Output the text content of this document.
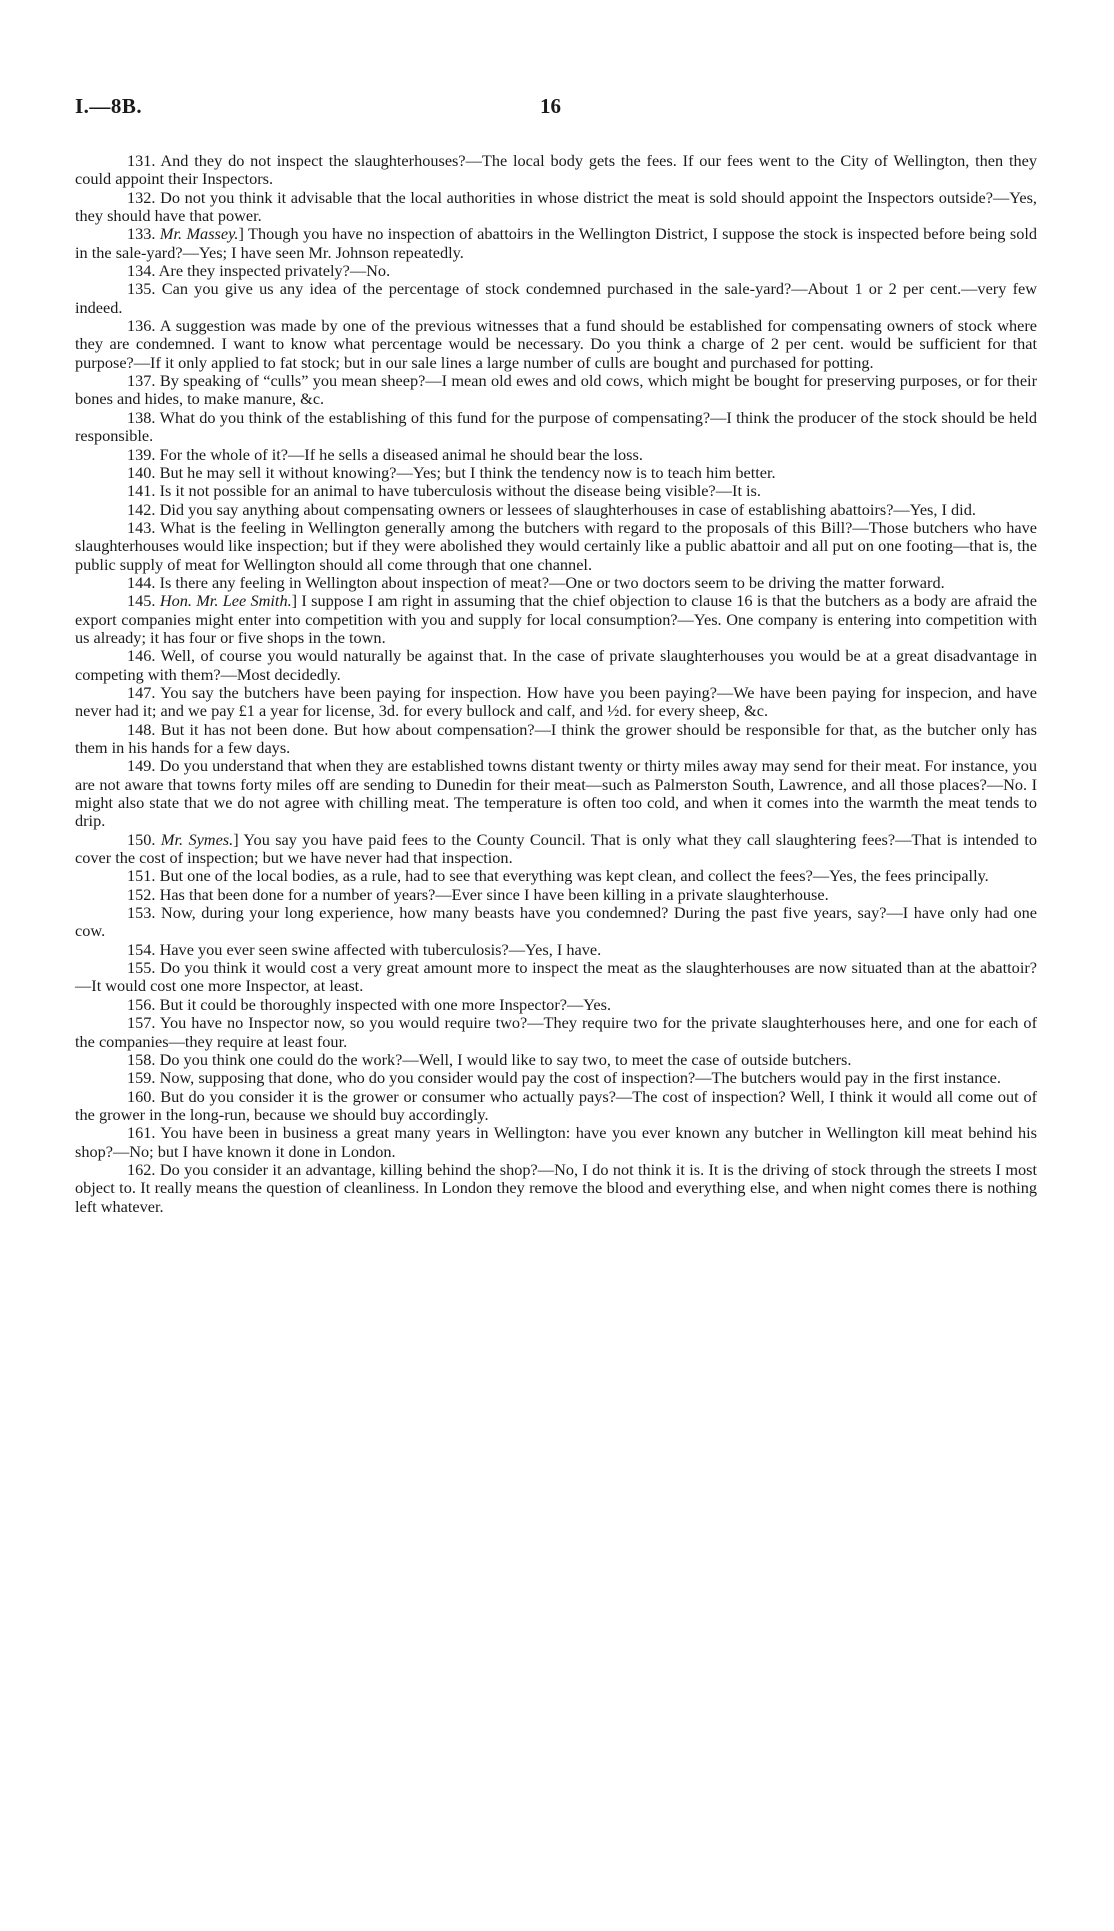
I.—8B.	16

131. And they do not inspect the slaughterhouses?—The local body gets the fees. If our fees went to the City of Wellington, then they could appoint their Inspectors.

132. Do not you think it advisable that the local authorities in whose district the meat is sold should appoint the Inspectors outside?—Yes, they should have that power.

133. Mr. Massey.] Though you have no inspection of abattoirs in the Wellington District, I suppose the stock is inspected before being sold in the sale-yard?—Yes; I have seen Mr. Johnson repeatedly.

134. Are they inspected privately?—No.

135. Can you give us any idea of the percentage of stock condemned purchased in the sale-yard?—About 1 or 2 per cent.—very few indeed.

136. A suggestion was made by one of the previous witnesses that a fund should be established for compensating owners of stock where they are condemned. I want to know what percentage would be necessary. Do you think a charge of 2 per cent. would be sufficient for that purpose?—If it only applied to fat stock; but in our sale lines a large number of culls are bought and purchased for potting.

137. By speaking of “culls” you mean sheep?—I mean old ewes and old cows, which might be bought for preserving purposes, or for their bones and hides, to make manure, &c.

138. What do you think of the establishing of this fund for the purpose of compensating?—I think the producer of the stock should be held responsible.

139. For the whole of it?—If he sells a diseased animal he should bear the loss.

140. But he may sell it without knowing?—Yes; but I think the tendency now is to teach him better.

141. Is it not possible for an animal to have tuberculosis without the disease being visible?—It is.

142. Did you say anything about compensating owners or lessees of slaughterhouses in case of establishing abattoirs?—Yes, I did.

143. What is the feeling in Wellington generally among the butchers with regard to the proposals of this Bill?—Those butchers who have slaughterhouses would like inspection; but if they were abolished they would certainly like a public abattoir and all put on one footing—that is, the public supply of meat for Wellington should all come through that one channel.

144. Is there any feeling in Wellington about inspection of meat?—One or two doctors seem to be driving the matter forward.

145. Hon. Mr. Lee Smith.] I suppose I am right in assuming that the chief objection to clause 16 is that the butchers as a body are afraid the export companies might enter into competition with you and supply for local consumption?—Yes. One company is entering into competition with us already; it has four or five shops in the town.

146. Well, of course you would naturally be against that. In the case of private slaughterhouses you would be at a great disadvantage in competing with them?—Most decidedly.

147. You say the butchers have been paying for inspection. How have you been paying?—We have been paying for inspecion, and have never had it; and we pay £1 a year for license, 3d. for every bullock and calf, and ½d. for every sheep, &c.

148. But it has not been done. But how about compensation?—I think the grower should be responsible for that, as the butcher only has them in his hands for a few days.

149. Do you understand that when they are established towns distant twenty or thirty miles away may send for their meat. For instance, you are not aware that towns forty miles off are sending to Dunedin for their meat—such as Palmerston South, Lawrence, and all those places?—No. I might also state that we do not agree with chilling meat. The temperature is often too cold, and when it comes into the warmth the meat tends to drip.

150. Mr. Symes.] You say you have paid fees to the County Council. That is only what they call slaughtering fees?—That is intended to cover the cost of inspection; but we have never had that inspection.

151. But one of the local bodies, as a rule, had to see that everything was kept clean, and collect the fees?—Yes, the fees principally.

152. Has that been done for a number of years?—Ever since I have been killing in a private slaughterhouse.

153. Now, during your long experience, how many beasts have you condemned? During the past five years, say?—I have only had one cow.

154. Have you ever seen swine affected with tuberculosis?—Yes, I have.

155. Do you think it would cost a very great amount more to inspect the meat as the slaughterhouses are now situated than at the abattoir?—It would cost one more Inspector, at least.

156. But it could be thoroughly inspected with one more Inspector?—Yes.

157. You have no Inspector now, so you would require two?—They require two for the private slaughterhouses here, and one for each of the companies—they require at least four.

158. Do you think one could do the work?—Well, I would like to say two, to meet the case of outside butchers.

159. Now, supposing that done, who do you consider would pay the cost of inspection?—The butchers would pay in the first instance.

160. But do you consider it is the grower or consumer who actually pays?—The cost of inspection? Well, I think it would all come out of the grower in the long-run, because we should buy accordingly.

161. You have been in business a great many years in Wellington: have you ever known any butcher in Wellington kill meat behind his shop?—No; but I have known it done in London.

162. Do you consider it an advantage, killing behind the shop?—No, I do not think it is. It is the driving of stock through the streets I most object to. It really means the question of cleanliness. In London they remove the blood and everything else, and when night comes there is nothing left whatever.
